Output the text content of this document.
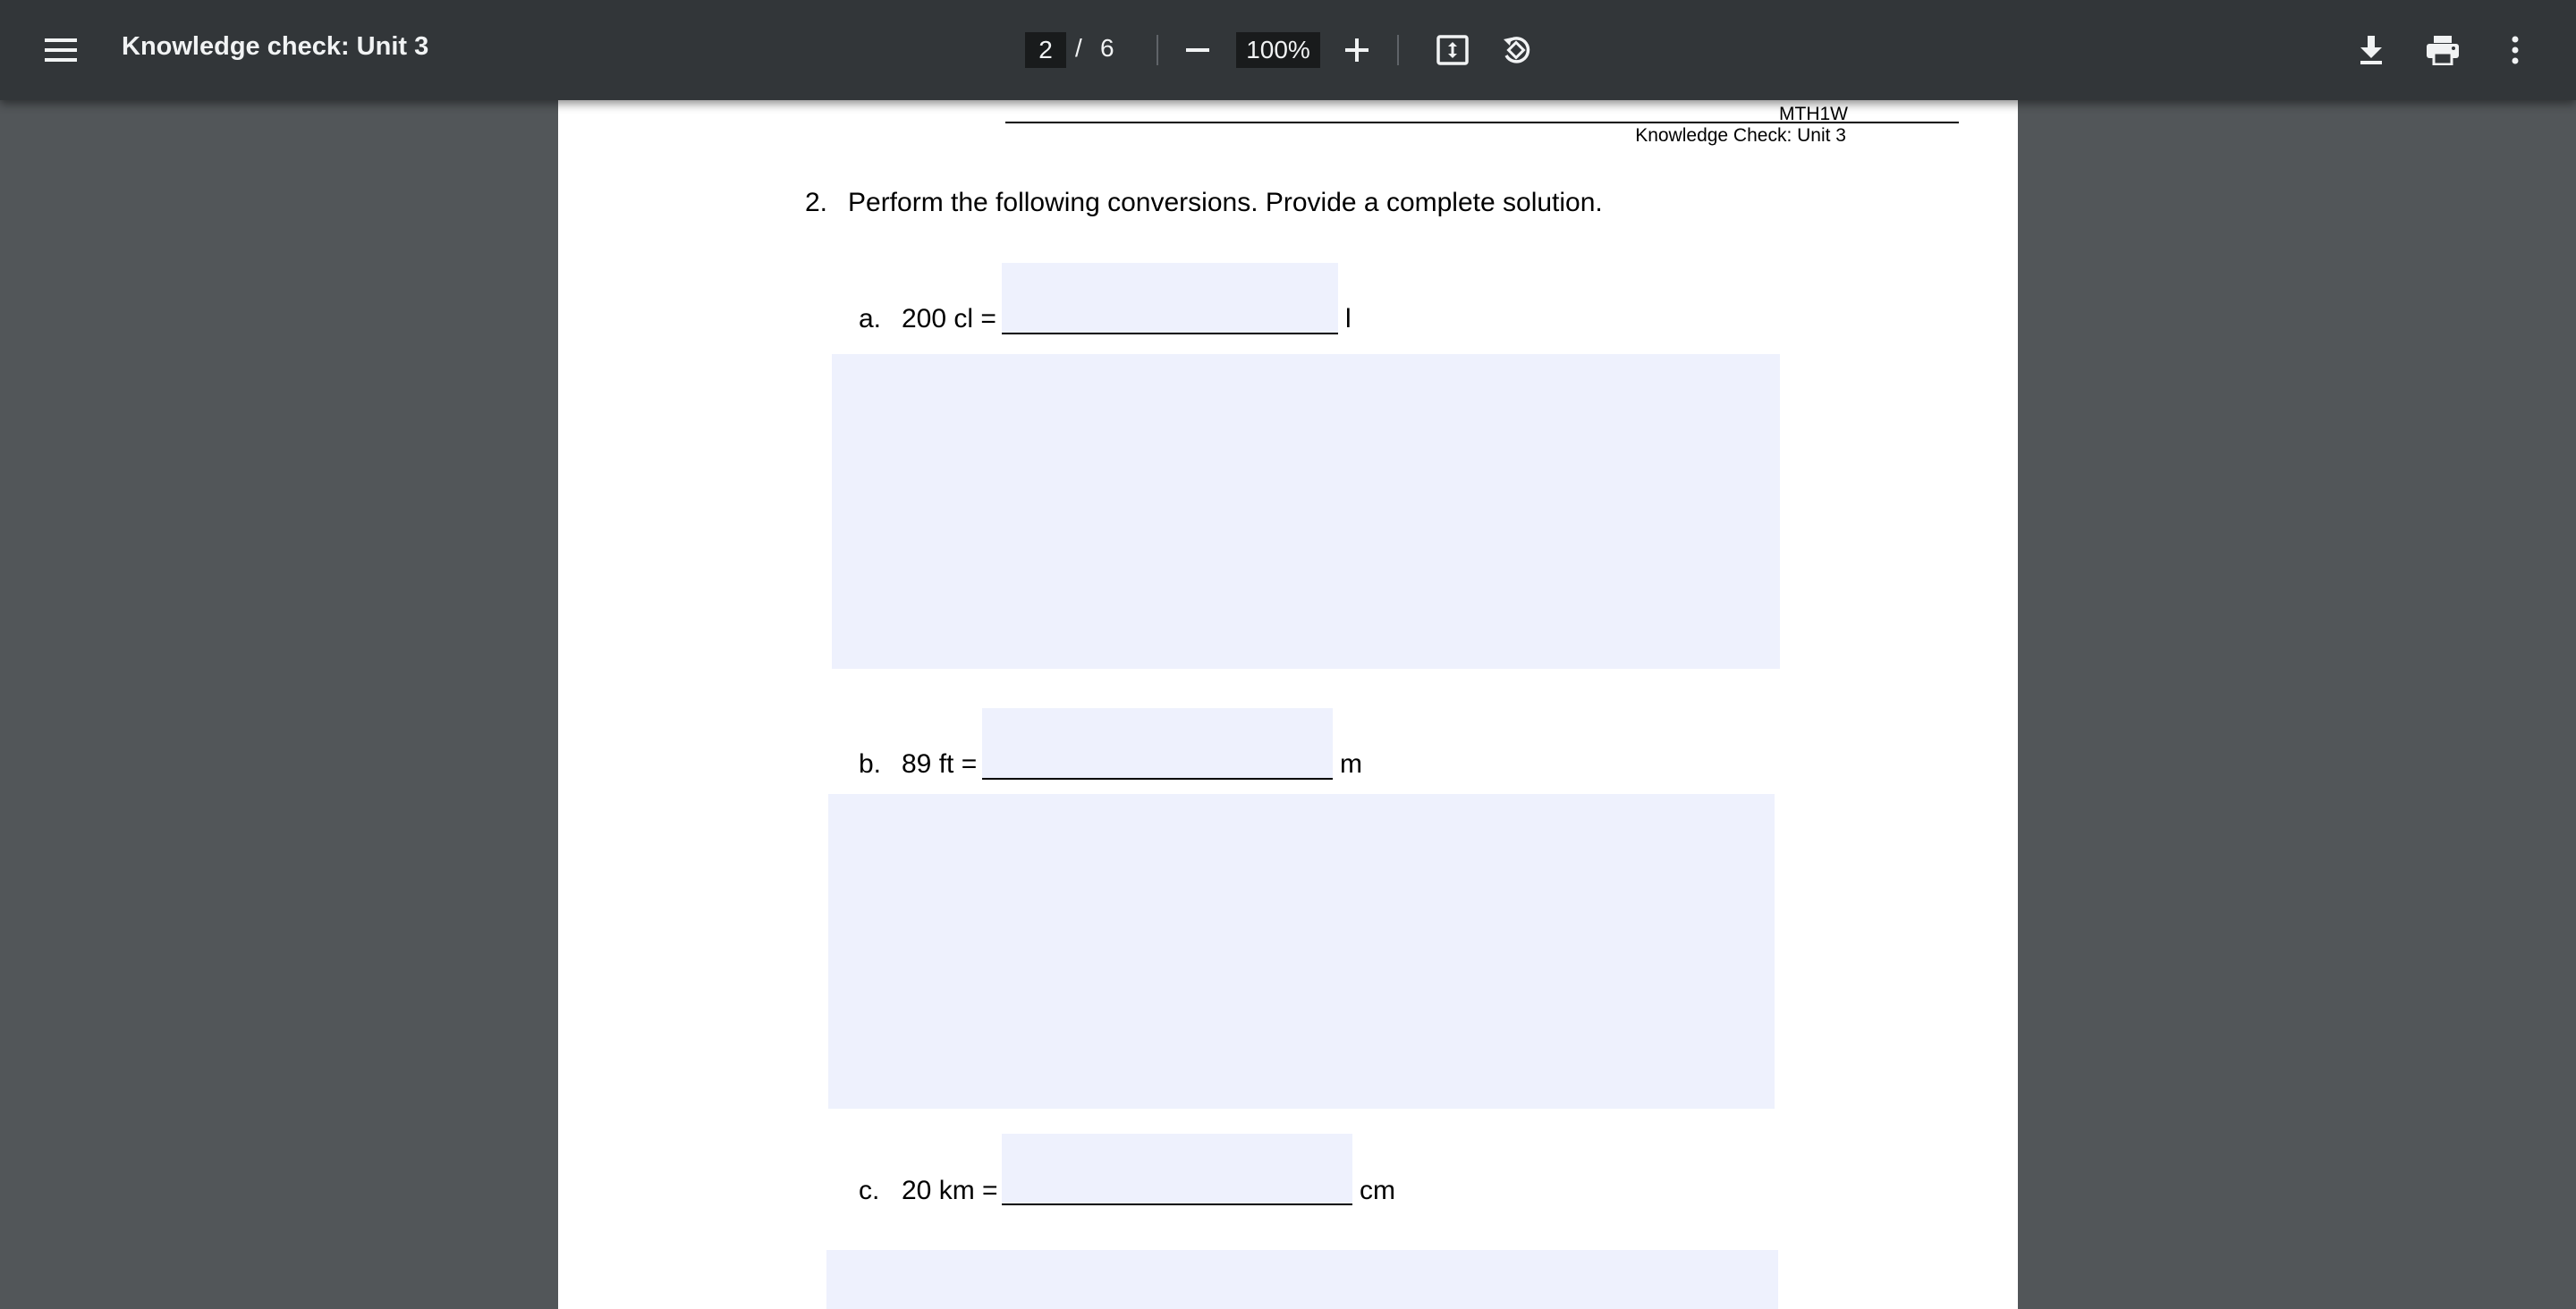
Knowledge check: Unit 3	2 / 6	100%
MTH1W
Knowledge Check: Unit 3
2. Perform the following conversions. Provide a complete solution.
a. 200 cl =	l
b. 89 ft =	m
c. 20 km =	cm
